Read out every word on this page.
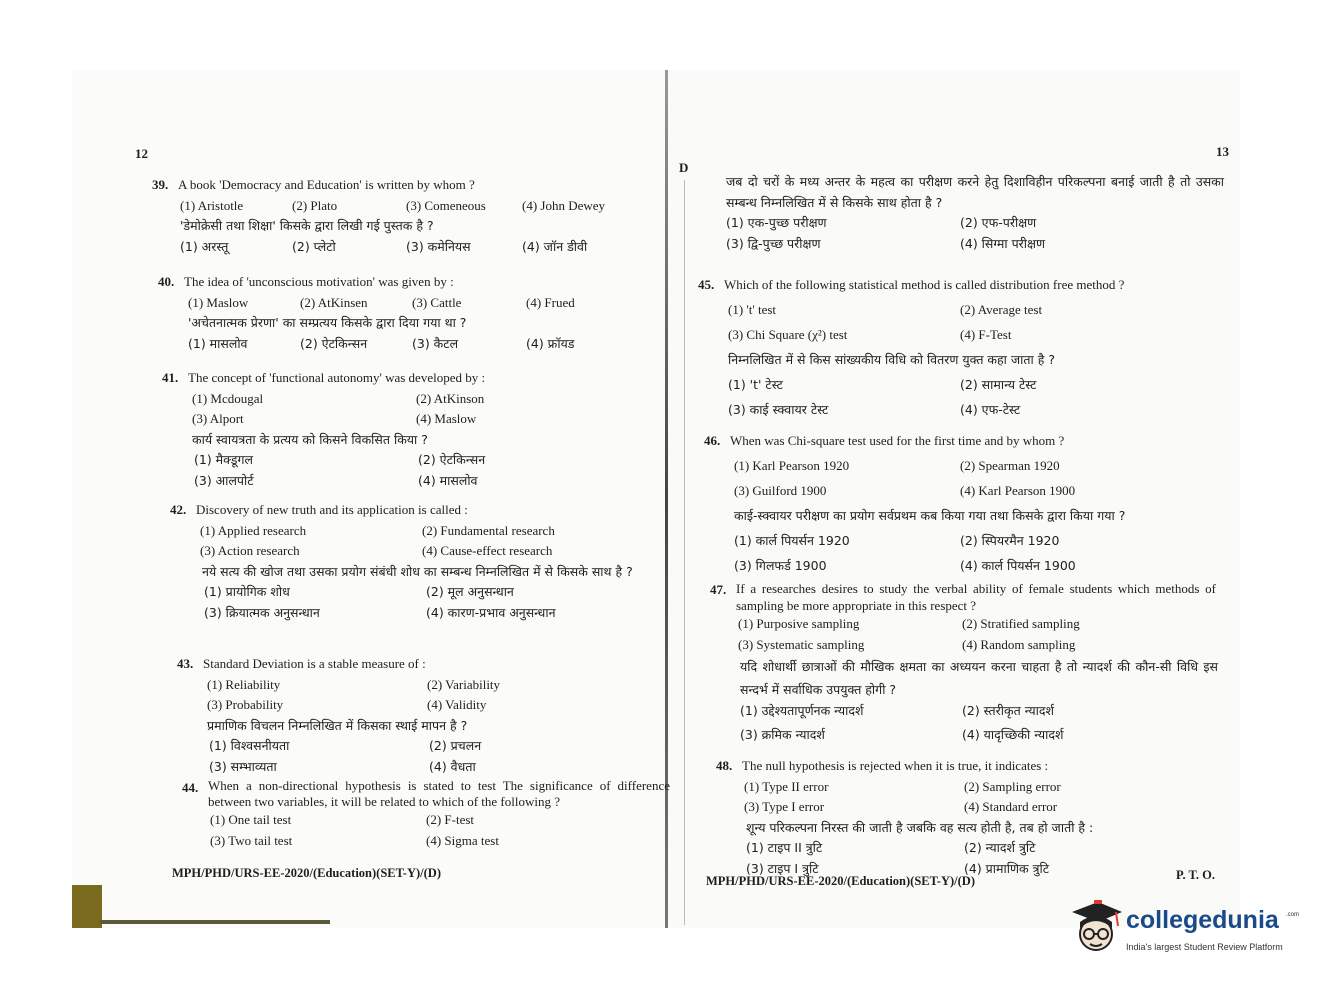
12	13
D
39. A book 'Democracy and Education' is written by whom ?
(1) Aristotle	(2) Plato	(3) Comeneous	(4) John Dewey
'डेमोक्रेसी तथा शिक्षा' किसके द्वारा लिखी गई पुस्तक है ?
(1) अरस्तू	(2) प्लेटो	(3) कमेनियस	(4) जॉन डीवी
40. The idea of 'unconscious motivation' was given by :
(1) Maslow	(2) AtKinsen	(3) Cattle	(4) Frued
'अचेतनात्मक प्रेरणा' का सम्प्रत्यय किसके द्वारा दिया गया था ?
(1) मासलोव	(2) ऐटकिन्सन	(3) कैटल	(4) फ्रॉयड
41. The concept of 'functional autonomy' was developed by :
(1) Mcdougal	(2) AtKinson
(3) Alport	(4) Maslow
कार्य स्वायत्रता के प्रत्यय को किसने विकसित किया ?
(1) मैक्डूगल	(2) ऐटकिन्सन
(3) आलपोर्ट	(4) मासलोव
42. Discovery of new truth and its application is called :
(1) Applied research	(2) Fundamental research
(3) Action research	(4) Cause-effect research
नये सत्य की खोज तथा उसका प्रयोग संबंधी शोध का सम्बन्ध निम्नलिखित में से किसके साथ है ?
(1) प्रायोगिक शोध	(2) मूल अनुसन्धान
(3) क्रियात्मक अनुसन्धान	(4) कारण-प्रभाव अनुसन्धान
43. Standard Deviation is a stable measure of :
(1) Reliability	(2) Variability
(3) Probability	(4) Validity
प्रमाणिक विचलन निम्नलिखित में किसका स्थाई मापन है ?
(1) विश्वसनीयता	(2) प्रचलन
(3) सम्भाव्यता	(4) वैधता
44. When a non-directional hypothesis is stated to test The significance of difference between two variables, it will be related to which of the following ?
(1) One tail test	(2) F-test
(3) Two tail test	(4) Sigma test
MPH/PHD/URS-EE-2020/(Education)(SET-Y)/(D)
जब दो चरों के मध्य अन्तर के महत्व का परीक्षण करने हेतु दिशाविहीन परिकल्पना बनाई जाती है तो उसका सम्बन्ध निम्नलिखित में से किसके साथ होता है ?
(1) एक-पुच्छ परीक्षण	(2) एफ-परीक्षण
(3) द्वि-पुच्छ परीक्षण	(4) सिग्मा परीक्षण
45. Which of the following statistical method is called distribution free method ?
(1) 't' test	(2) Average test
(3) Chi Square (χ²) test	(4) F-Test
निम्नलिखित में से किस सांख्यकीय विधि को वितरण युक्त कहा जाता है ?
(1) 't' टेस्ट	(2) सामान्य टेस्ट
(3) काई स्क्वायर टेस्ट	(4) एफ-टेस्ट
46. When was Chi-square test used for the first time and by whom ?
(1) Karl Pearson 1920	(2) Spearman 1920
(3) Guilford 1900	(4) Karl Pearson 1900
काई-स्क्वायर परीक्षण का प्रयोग सर्वप्रथम कब किया गया तथा किसके द्वारा किया गया ?
(1) कार्ल पियर्सन 1920	(2) स्पियरमैन 1920
(3) गिलफर्ड 1900	(4) कार्ल पियर्सन 1900
47. If a researches desires to study the verbal ability of female students which methods of sampling be more appropriate in this respect ?
(1) Purposive sampling	(2) Stratified sampling
(3) Systematic sampling	(4) Random sampling
यदि शोधार्थी छात्राओं की मौखिक क्षमता का अध्ययन करना चाहता है तो न्यादर्श की कौन-सी विधि इस सन्दर्भ में सर्वाधिक उपयुक्त होगी ?
(1) उद्देश्यतापूर्णनक न्यादर्श	(2) स्तरीकृत न्यादर्श
(3) क्रमिक न्यादर्श	(4) यादृच्छिकी न्यादर्श
48. The null hypothesis is rejected when it is true, it indicates :
(1) Type II error	(2) Sampling error
(3) Type I error	(4) Standard error
शून्य परिकल्पना निरस्त की जाती है जबकि वह सत्य होती है, तब हो जाती है :
(1) टाइप II त्रुटि	(2) न्यादर्श त्रुटि
(3) टाइप I त्रुटि	(4) प्रामाणिक त्रुटि
MPH/PHD/URS-EE-2020/(Education)(SET-Y)/(D)	P. T. O.
collegedunia .com
India's largest Student Review Platform
